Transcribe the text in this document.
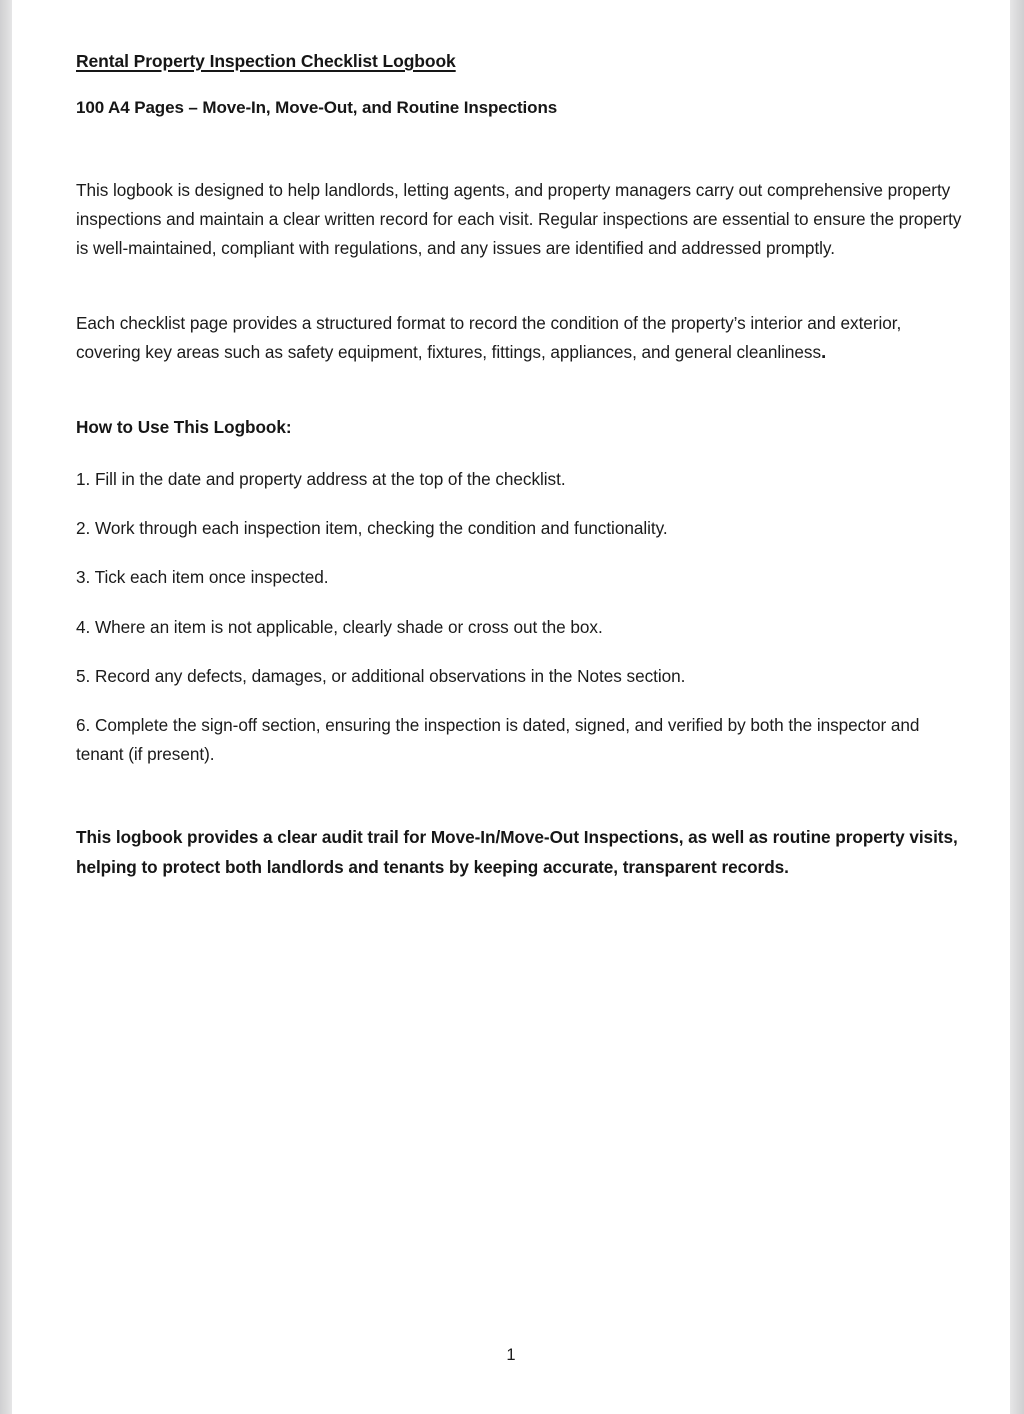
Rental Property Inspection Checklist Logbook
100 A4 Pages – Move-In, Move-Out, and Routine Inspections

This logbook is designed to help landlords, letting agents, and property managers carry out comprehensive property inspections and maintain a clear written record for each visit. Regular inspections are essential to ensure the property is well-maintained, compliant with regulations, and any issues are identified and addressed promptly.

Each checklist page provides a structured format to record the condition of the property’s interior and exterior, covering key areas such as safety equipment, fixtures, fittings, appliances, and general cleanliness.

How to Use This Logbook:
1. Fill in the date and property address at the top of the checklist.
2. Work through each inspection item, checking the condition and functionality.
3. Tick each item once inspected.
4. Where an item is not applicable, clearly shade or cross out the box.
5. Record any defects, damages, or additional observations in the Notes section.
6. Complete the sign-off section, ensuring the inspection is dated, signed, and verified by both the inspector and tenant (if present).

This logbook provides a clear audit trail for Move-In/Move-Out Inspections, as well as routine property visits, helping to protect both landlords and tenants by keeping accurate, transparent records.

1
